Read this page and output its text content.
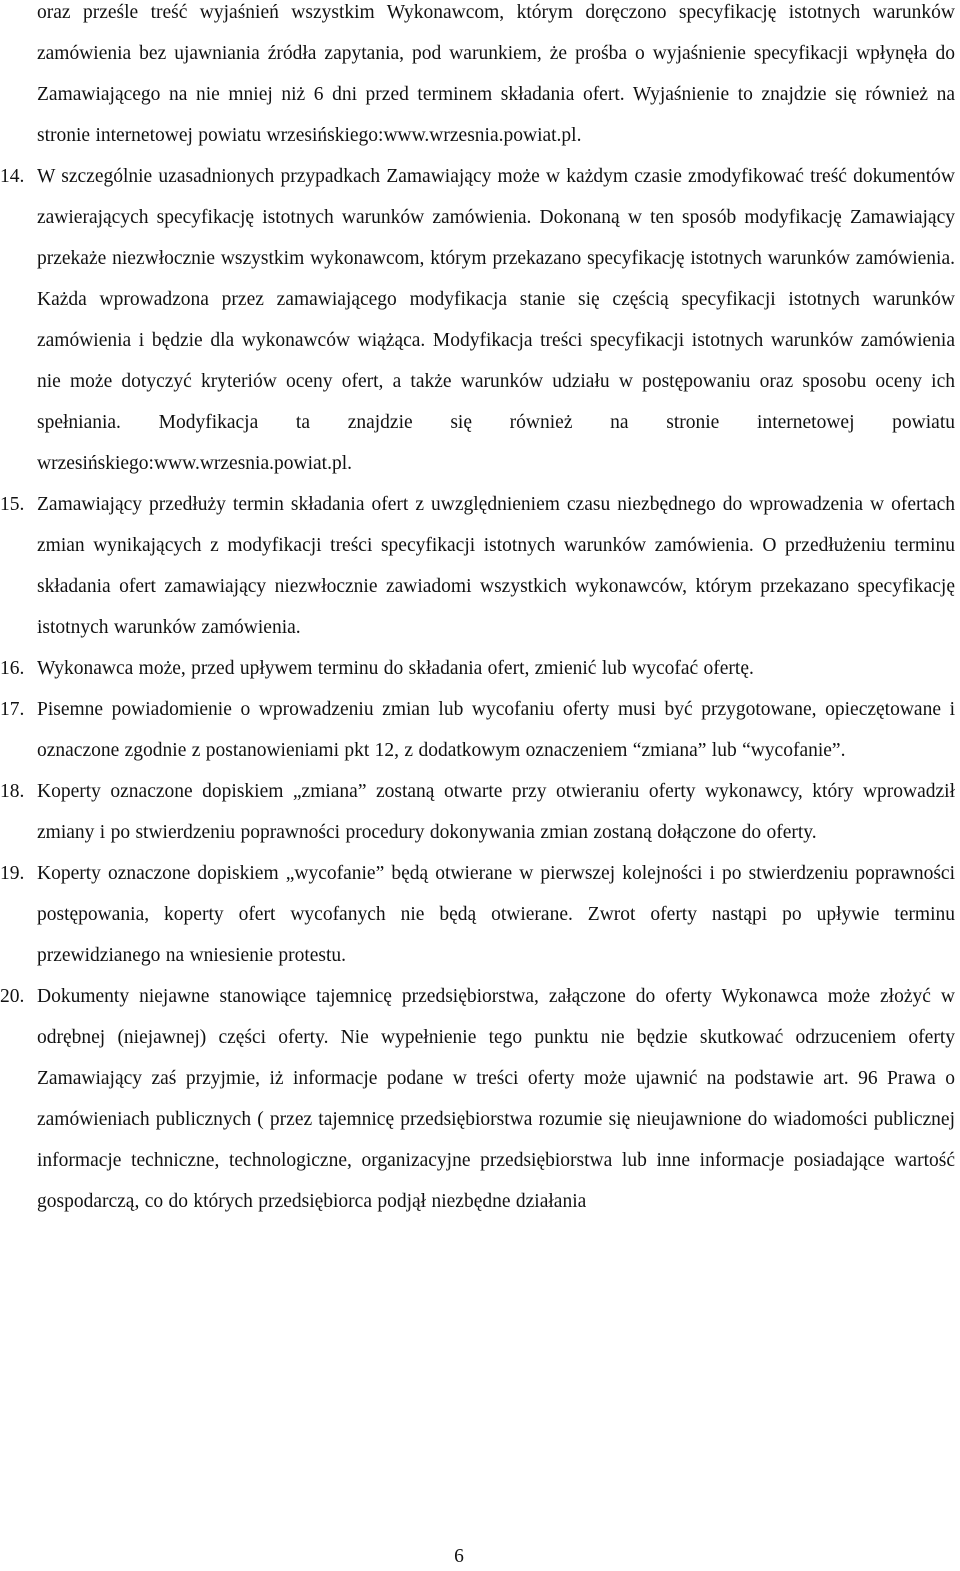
oraz prześle treść wyjaśnień wszystkim Wykonawcom, którym doręczono specyfikację istotnych warunków zamówienia bez ujawniania źródła zapytania, pod warunkiem, że prośba o wyjaśnienie specyfikacji wpłynęła do Zamawiającego na nie mniej niż 6 dni przed terminem składania ofert. Wyjaśnienie to znajdzie się również na stronie internetowej powiatu wrzesińskiego:www.wrzesnia.powiat.pl.
14. W szczególnie uzasadnionych przypadkach Zamawiający może w każdym czasie zmodyfikować treść dokumentów zawierających specyfikację istotnych warunków zamówienia. Dokonaną w ten sposób modyfikację Zamawiający przekaże niezwłocznie wszystkim wykonawcom, którym przekazano specyfikację istotnych warunków zamówienia. Każda wprowadzona przez zamawiającego modyfikacja stanie się częścią specyfikacji istotnych warunków zamówienia i będzie dla wykonawców wiążąca. Modyfikacja treści specyfikacji istotnych warunków zamówienia nie może dotyczyć kryteriów oceny ofert, a także warunków udziału w postępowaniu oraz sposobu oceny ich spełniania. Modyfikacja ta znajdzie się również na stronie internetowej powiatu wrzesińskiego:www.wrzesnia.powiat.pl.
15. Zamawiający przedłuży termin składania ofert z uwzględnieniem czasu niezbędnego do wprowadzenia w ofertach zmian wynikających z modyfikacji treści specyfikacji istotnych warunków zamówienia. O przedłużeniu terminu składania ofert zamawiający niezwłocznie zawiadomi wszystkich wykonawców, którym przekazano specyfikację istotnych warunków zamówienia.
16. Wykonawca może, przed upływem terminu do składania ofert, zmienić lub wycofać ofertę.
17. Pisemne powiadomienie o wprowadzeniu zmian lub wycofaniu oferty musi być przygotowane, opieczętowane i oznaczone zgodnie z postanowieniami pkt 12, z dodatkowym oznaczeniem “zmiana” lub “wycofanie”.
18. Koperty oznaczone dopiskiem „zmiana” zostaną otwarte przy otwieraniu oferty wykonawcy, który wprowadził zmiany i po stwierdzeniu poprawności procedury dokonywania zmian zostaną dołączone do oferty.
19. Koperty oznaczone dopiskiem „wycofanie” będą otwierane w pierwszej kolejności i po stwierdzeniu poprawności postępowania, koperty ofert wycofanych nie będą otwierane. Zwrot oferty nastąpi po upływie terminu przewidzianego na wniesienie protestu.
20. Dokumenty niejawne stanowiące tajemnicę przedsiębiorstwa, załączone do oferty Wykonawca może złożyć w odrębnej (niejawnej) części oferty. Nie wypełnienie tego punktu nie będzie skutkować odrzuceniem oferty Zamawiający zaś przyjmie, iż informacje podane w treści oferty może ujawnić na podstawie art. 96 Prawa o zamówieniach publicznych ( przez tajemnicę przedsiębiorstwa rozumie się nieujawnione do wiadomości publicznej informacje techniczne, technologiczne, organizacyjne przedsiębiorstwa lub inne informacje posiadające wartość gospodarczą, co do których przedsiębiorca podjął niezbędne działania
6
